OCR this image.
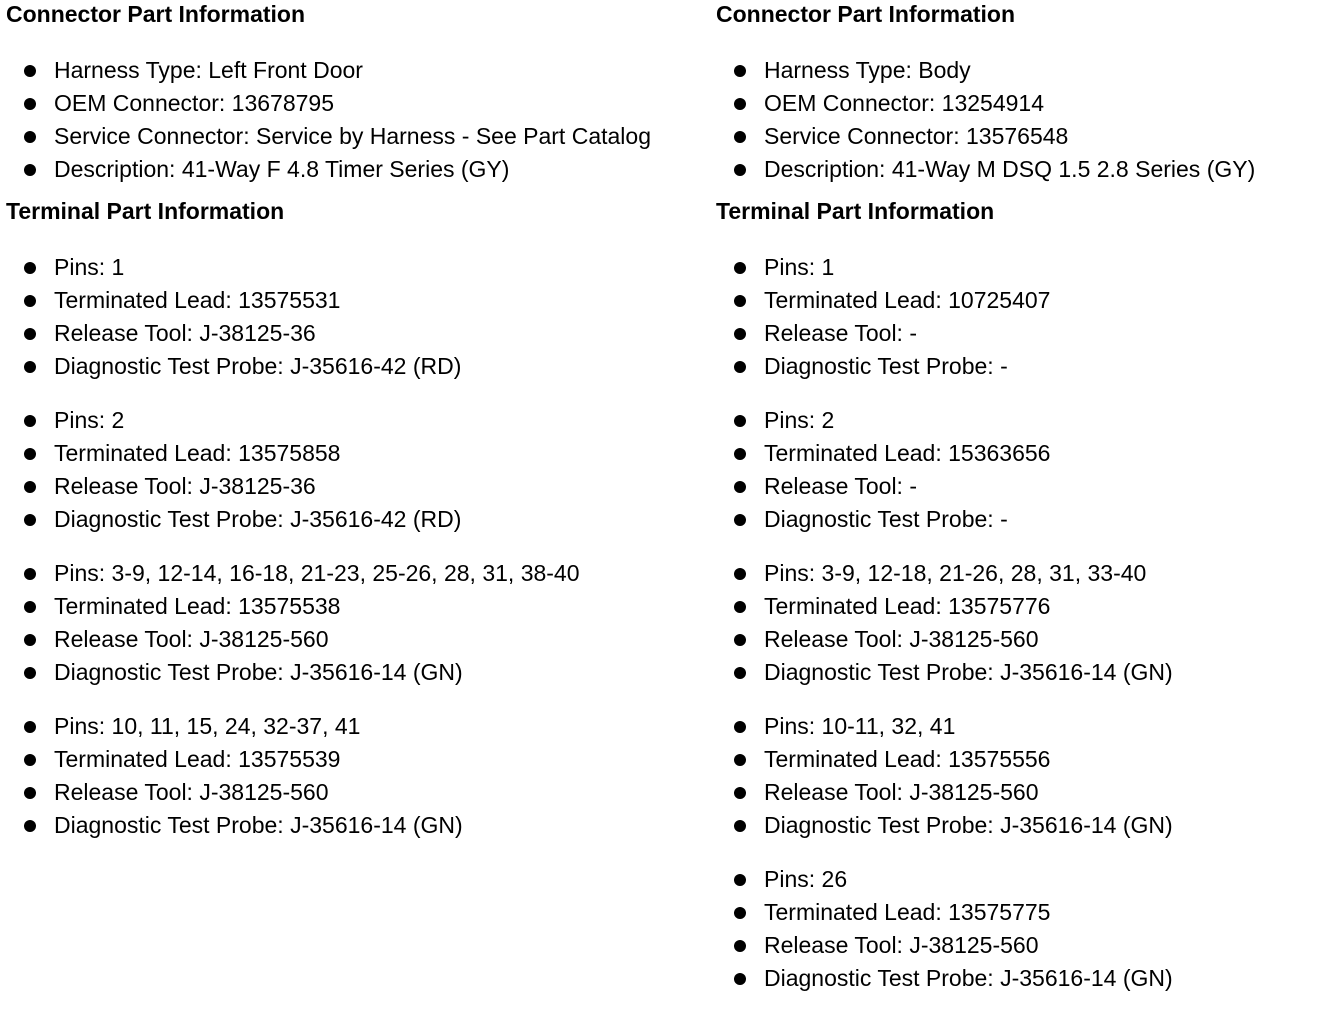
Connector Part Information
Harness Type: Left Front Door
OEM Connector: 13678795
Service Connector: Service by Harness - See Part Catalog
Description: 41-Way F 4.8 Timer Series (GY)
Terminal Part Information
Pins: 1
Terminated Lead: 13575531
Release Tool: J-38125-36
Diagnostic Test Probe: J-35616-42 (RD)
Pins: 2
Terminated Lead: 13575858
Release Tool: J-38125-36
Diagnostic Test Probe: J-35616-42 (RD)
Pins: 3-9, 12-14, 16-18, 21-23, 25-26, 28, 31, 38-40
Terminated Lead: 13575538
Release Tool: J-38125-560
Diagnostic Test Probe: J-35616-14 (GN)
Pins: 10, 11, 15, 24, 32-37, 41
Terminated Lead: 13575539
Release Tool: J-38125-560
Diagnostic Test Probe: J-35616-14 (GN)
Connector Part Information
Harness Type: Body
OEM Connector: 13254914
Service Connector: 13576548
Description: 41-Way M DSQ 1.5 2.8 Series (GY)
Terminal Part Information
Pins: 1
Terminated Lead: 10725407
Release Tool: -
Diagnostic Test Probe: -
Pins: 2
Terminated Lead: 15363656
Release Tool: -
Diagnostic Test Probe: -
Pins: 3-9, 12-18, 21-26, 28, 31, 33-40
Terminated Lead: 13575776
Release Tool: J-38125-560
Diagnostic Test Probe: J-35616-14 (GN)
Pins: 10-11, 32, 41
Terminated Lead: 13575556
Release Tool: J-38125-560
Diagnostic Test Probe: J-35616-14 (GN)
Pins: 26
Terminated Lead: 13575775
Release Tool: J-38125-560
Diagnostic Test Probe: J-35616-14 (GN)
